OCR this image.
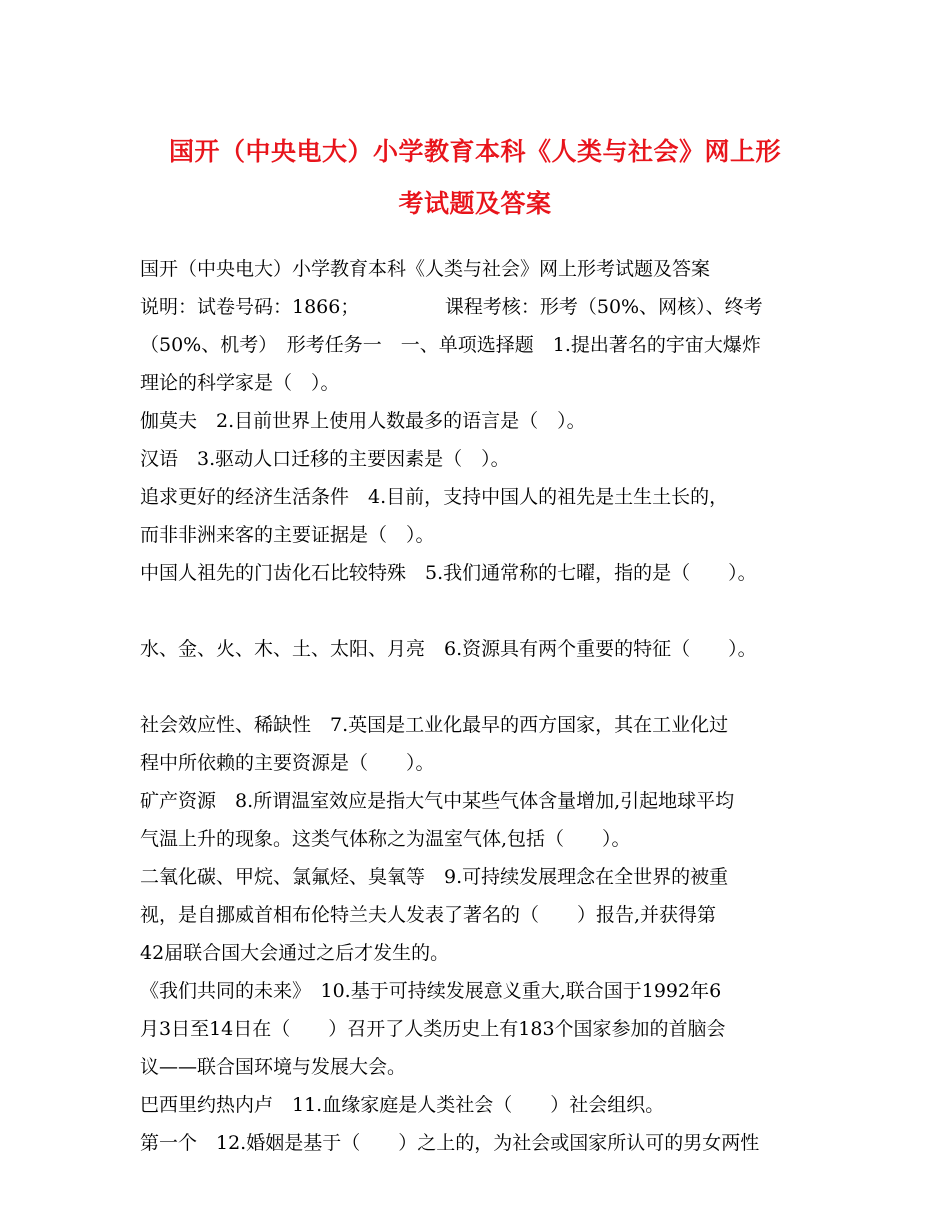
国开（中央电大）小学教育本科《人类与社会》网上形
考试题及答案
国开（中央电大）小学教育本科《人类与社会》网上形考试题及答案
说明：试卷号码：1866；　　　　　课程考核：形考（50%、网核）、终考
（50%、机考）　形考任务一　一、单项选择题　1.提出著名的宇宙大爆炸
理论的科学家是（　）。
伽莫夫　2.目前世界上使用人数最多的语言是（　）。
汉语　3.驱动人口迁移的主要因素是（　）。
追求更好的经济生活条件　4.目前，支持中国人的祖先是土生土长的，
而非非洲来客的主要证据是（　）。
中国人祖先的门齿化石比较特殊　5.我们通常称的七曜，指的是（　　）。
水、金、火、木、土、太阳、月亮　6.资源具有两个重要的特征（　　）。
社会效应性、稀缺性　7.英国是工业化最早的西方国家，其在工业化过
程中所依赖的主要资源是（　　）。
矿产资源　8.所谓温室效应是指大气中某些气体含量增加,引起地球平均
气温上升的现象。这类气体称之为温室气体,包括（　　）。
二氧化碳、甲烷、氯氟烃、臭氧等　9.可持续发展理念在全世界的被重
视，是自挪威首相布伦特兰夫人发表了著名的（　　）报告,并获得第
42届联合国大会通过之后才发生的。
《我们共同的未来》　10.基于可持续发展意义重大,联合国于1992年6
月3日至14日在（　　）召开了人类历史上有183个国家参加的首脑会
议——联合国环境与发展大会。
巴西里约热内卢　11.血缘家庭是人类社会（　　）社会组织。
第一个　12.婚姻是基于（　　）之上的，为社会或国家所认可的男女两性
